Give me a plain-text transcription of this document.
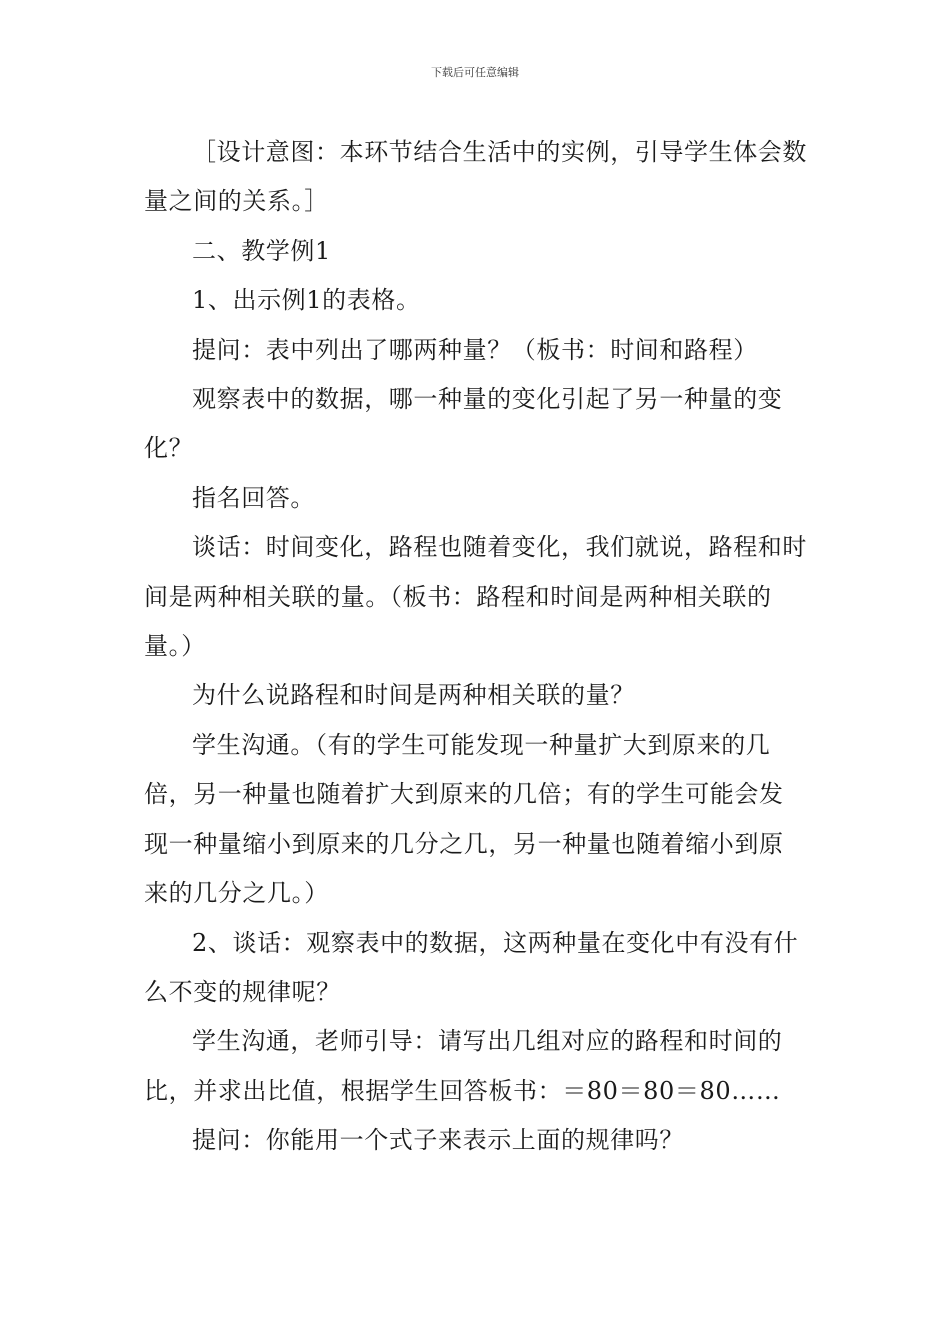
下载后可任意编辑

［设计意图：本环节结合生活中的实例，引导学生体会数量之间的关系。］

二、教学例1

1、出示例1的表格。

提问：表中列出了哪两种量？（板书：时间和路程）

观察表中的数据，哪一种量的变化引起了另一种量的变化？

指名回答。

谈话：时间变化，路程也随着变化，我们就说，路程和时间是两种相关联的量。（板书：路程和时间是两种相关联的量。）

为什么说路程和时间是两种相关联的量？

学生沟通。（有的学生可能发现一种量扩大到原来的几倍，另一种量也随着扩大到原来的几倍；有的学生可能会发现一种量缩小到原来的几分之几，另一种量也随着缩小到原来的几分之几。）

2、谈话：观察表中的数据，这两种量在变化中有没有什么不变的规律呢？

学生沟通，老师引导：请写出几组对应的路程和时间的比，并求出比值，根据学生回答板书：＝80＝80＝80……

提问：你能用一个式子来表示上面的规律吗？
